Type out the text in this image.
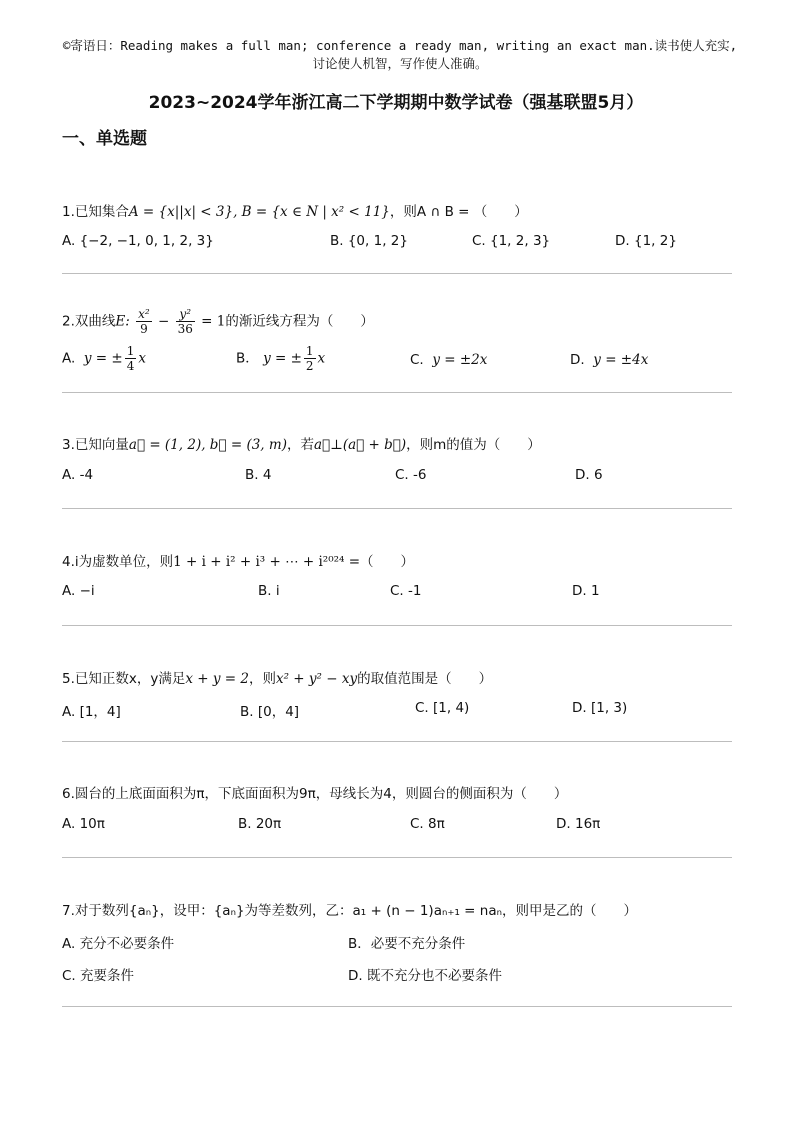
©寄语日：Reading makes a full man; conference a ready man, writing an exact man.读书使人充实,
讨论使人机智，写作使人准确。
2023~2024学年浙江高二下学期期中数学试卷（强基联盟5月）
一、单选题
1.已知集合A = {x||x| < 3}, B = {x ∈ N | x² < 11}，则A ∩ B = （　　）
A. {−2, −1, 0, 1, 2, 3}	B. {0, 1, 2}	C. {1, 2, 3}	D. {1, 2}
2.双曲线E: $\frac{\text{x²}}{9} - \frac{\text{y²}}{36} = 1$的渐近线方程为（　　）
A. y = ± $\frac{1}{4}$ x	B． y = ± $\frac{1}{2}$ x	C. y = ±2x	D. y = ±4x
3.已知向量a⃗ = (1, 2), b⃗ = (3, m)，若a⃗⊥(a⃗ + b⃗)，则m的值为（　　）
A. -4	B. 4	C. -6	D. 6
4.i为虚数单位，则1 + i + i² + i³ + ⋯ + i²⁰²⁴ =（　　）
A. −i	B. i	C. -1	D. 1
5.已知正数x，y满足x + y = 2，则x² + y² − xy的取值范围是（　　）
A. [1，4]	B. [0，4]	C. [1, 4)	D. [1, 3)
6.圆台的上底面面积为π，下底面面积为9π，母线长为4，则圆台的侧面积为（　　）
A. 10π	B. 20π	C. 8π	D. 16π
7.对于数列{aₙ}，设甲：{aₙ}为等差数列，乙：a₁ + (n − 1)aₙ₊₁ = naₙ，则甲是乙的（　　）
A. 充分不必要条件	B．必要不充分条件
C. 充要条件	D. 既不充分也不必要条件
